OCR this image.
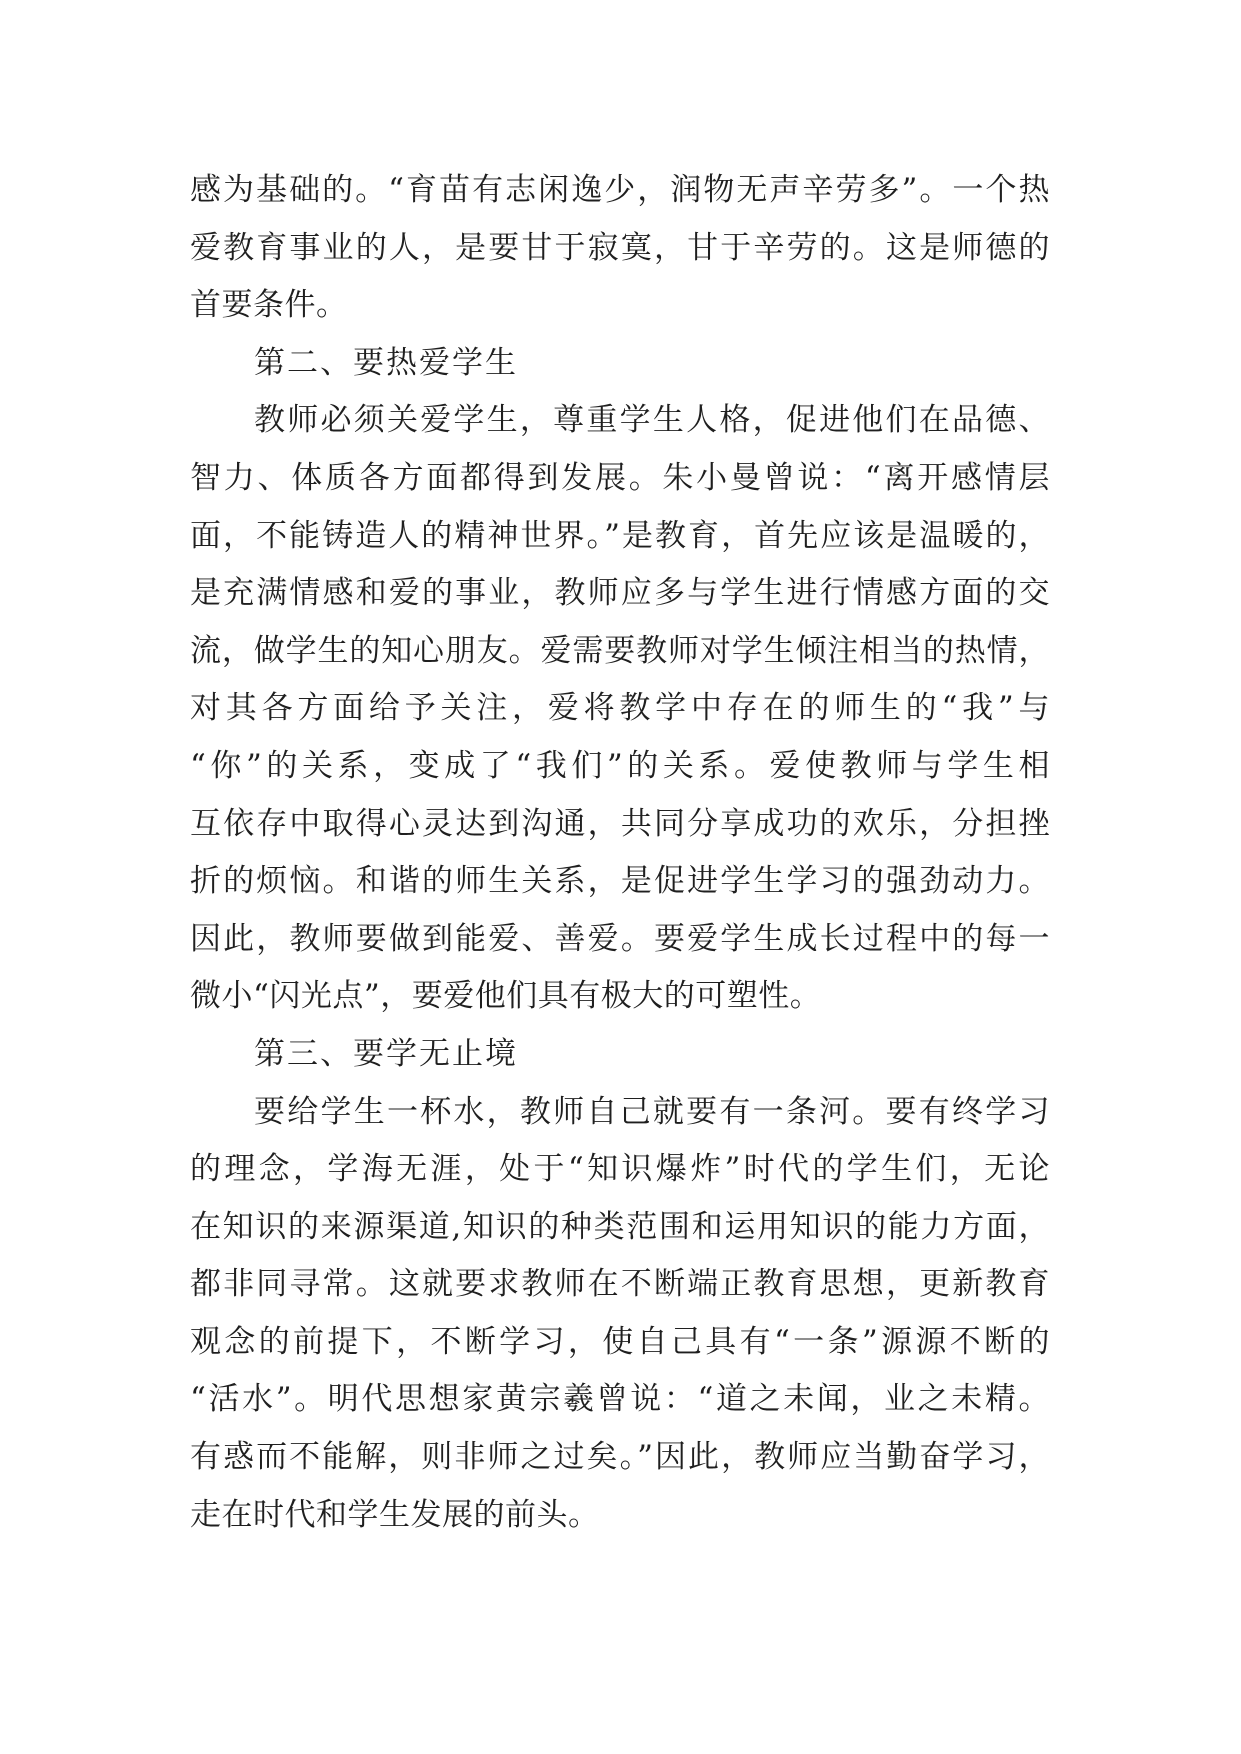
感为基础的。“育苗有志闲逸少，润物无声辛劳多”。一个热
爱教育事业的人，是要甘于寂寞，甘于辛劳的。这是师德的
首要条件。
第二、要热爱学生
教师必须关爱学生，尊重学生人格，促进他们在品德、
智力、体质各方面都得到发展。朱小曼曾说：“离开感情层
面，不能铸造人的精神世界。”是教育，首先应该是温暖的，
是充满情感和爱的事业，教师应多与学生进行情感方面的交
流，做学生的知心朋友。爱需要教师对学生倾注相当的热情，
对其各方面给予关注，爱将教学中存在的师生的“我”与
“你”的关系，变成了“我们”的关系。爱使教师与学生相
互依存中取得心灵达到沟通，共同分享成功的欢乐，分担挫
折的烦恼。和谐的师生关系，是促进学生学习的强劲动力。
因此，教师要做到能爱、善爱。要爱学生成长过程中的每一
微小“闪光点”，要爱他们具有极大的可塑性。
第三、要学无止境
要给学生一杯水，教师自己就要有一条河。要有终学习
的理念，学海无涯，处于“知识爆炸”时代的学生们，无论
在知识的来源渠道,知识的种类范围和运用知识的能力方面，
都非同寻常。这就要求教师在不断端正教育思想，更新教育
观念的前提下，不断学习，使自己具有“一条”源源不断的
“活水”。明代思想家黄宗羲曾说：“道之未闻，业之未精。
有惑而不能解，则非师之过矣。”因此，教师应当勤奋学习，
走在时代和学生发展的前头。
